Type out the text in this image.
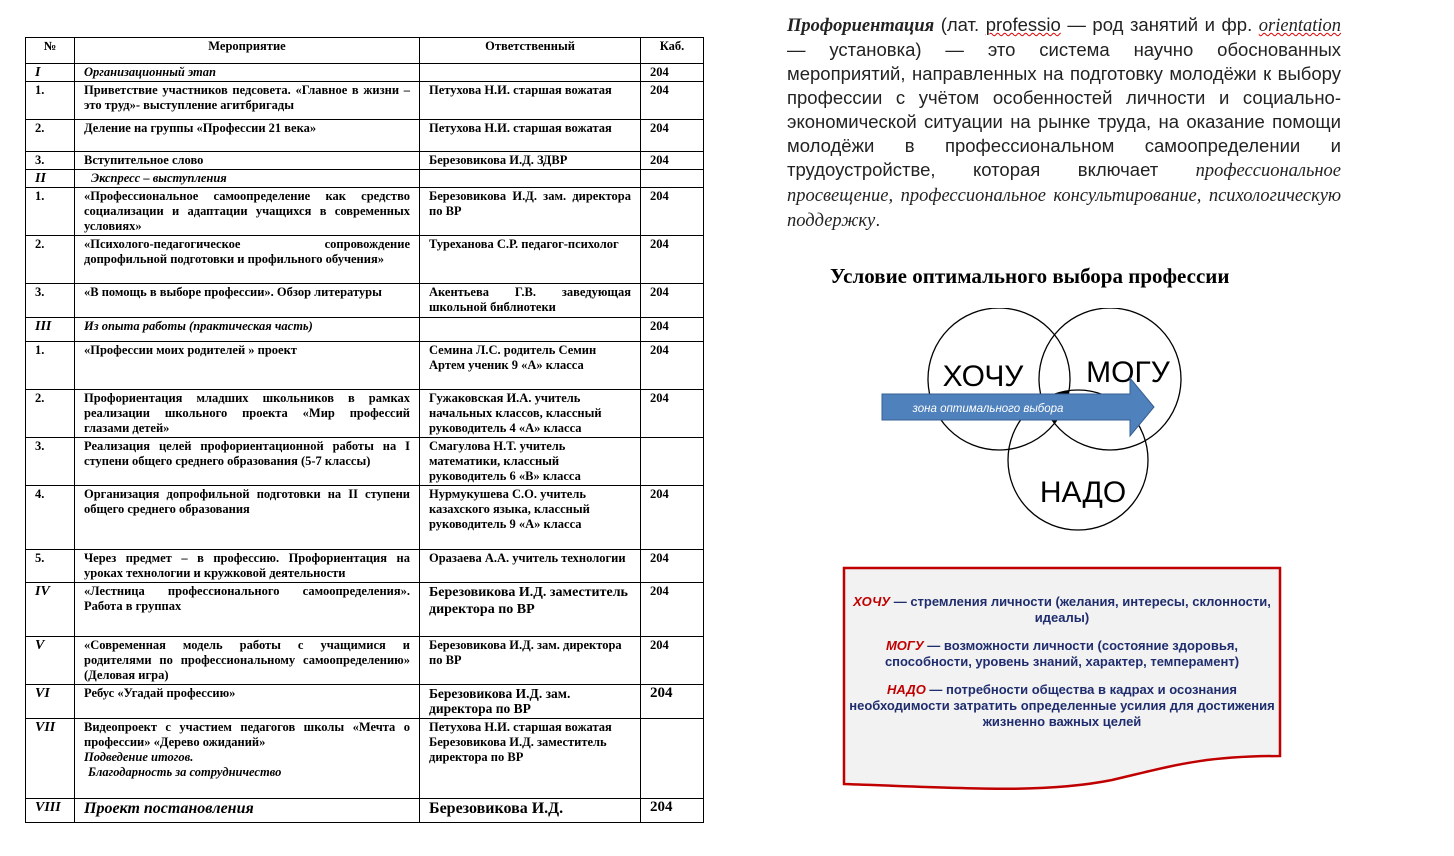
№	Мероприятие	Ответственный	Каб.
I	Организационный этап		204
1.	Приветствие участников педсовета. «Главное в жизни – это труд»- выступление агитбригады	Петухова Н.И. старшая вожатая	204
2.	Деление на группы «Профессии 21 века»	Петухова Н.И. старшая вожатая	204
3.	Вступительное слово	Березовикова И.Д. ЗДВР	204
II	Экспресс – выступления		
1.	«Профессиональное самоопределение как средство социализации и адаптации учащихся в современных условиях»	Березовикова И.Д. зам. директора по ВР	204
2.	«Психолого-педагогическое сопровождение допрофильной подготовки и профильного обучения»	Туреханова С.Р. педагог-психолог	204
3.	«В помощь в выборе профессии». Обзор литературы	Акентьева Г.В. заведующая школьной библиотеки	204
III	Из опыта работы (практическая часть)		204
1.	«Профессии моих родителей » проект	Семина Л.С. родитель Семин Артем ученик 9 «А» класса	204
2.	Профориентация младших школьников в рамках реализации школьного проекта «Мир профессий глазами детей»	Гужаковская И.А. учитель начальных классов, классный руководитель 4 «А» класса	204
3.	Реализация целей профориентационной работы на I ступени общего среднего образования (5-7 классы)	Смагулова Н.Т. учитель математики, классный руководитель 6 «В» класса	
4.	Организация допрофильной подготовки на II ступени общего среднего образования	Нурмукушева С.О. учитель казахского языка, классный руководитель 9 «А» класса	204
5.	Через предмет – в профессию. Профориентация на уроках технологии и кружковой деятельности	Оразаева А.А. учитель технологии	204
IV	«Лестница профессионального самоопределения». Работа в группах	Березовикова И.Д. заместитель директора по ВР	204
V	«Современная модель работы с учащимися и родителями по профессиональному самоопределению» (Деловая игра)	Березовикова И.Д. зам. директора по ВР	204
VI	Ребус «Угадай профессию»	Березовикова И.Д. зам. директора по ВР	204
VII	Видеопроект с участием педагогов школы «Мечта о профессии» «Дерево ожиданий»
Подведение итогов.
Благодарность за сотрудничество	Петухова Н.И. старшая вожатая Березовикова И.Д. заместитель директора по ВР	
VIII	Проект постановления	Березовикова И.Д.	204
Профориентация (лат. professio — род занятий и фр. orientation — установка) — это система научно обоснованных мероприятий, направленных на подготовку молодёжи к выбору профессии с учётом особенностей личности и социально-экономической ситуации на рынке труда, на оказание помощи молодёжи в профессиональном самоопределении и трудоустройстве, которая включает профессиональное просвещение, профессиональное консультирование, психологическую поддержку.
Условие оптимального выбора профессии
ХОЧУ МОГУ
НАДО
зона оптимального выбора

ХОЧУ — стремления личности (желания, интересы, склонности, идеалы)

МОГУ — возможности личности (состояние здоровья, способности, уровень знаний, характер, темперамент)

НАДО — потребности общества в кадрах и осознания необходимости затратить определенные усилия для достижения жизненно важных целей
